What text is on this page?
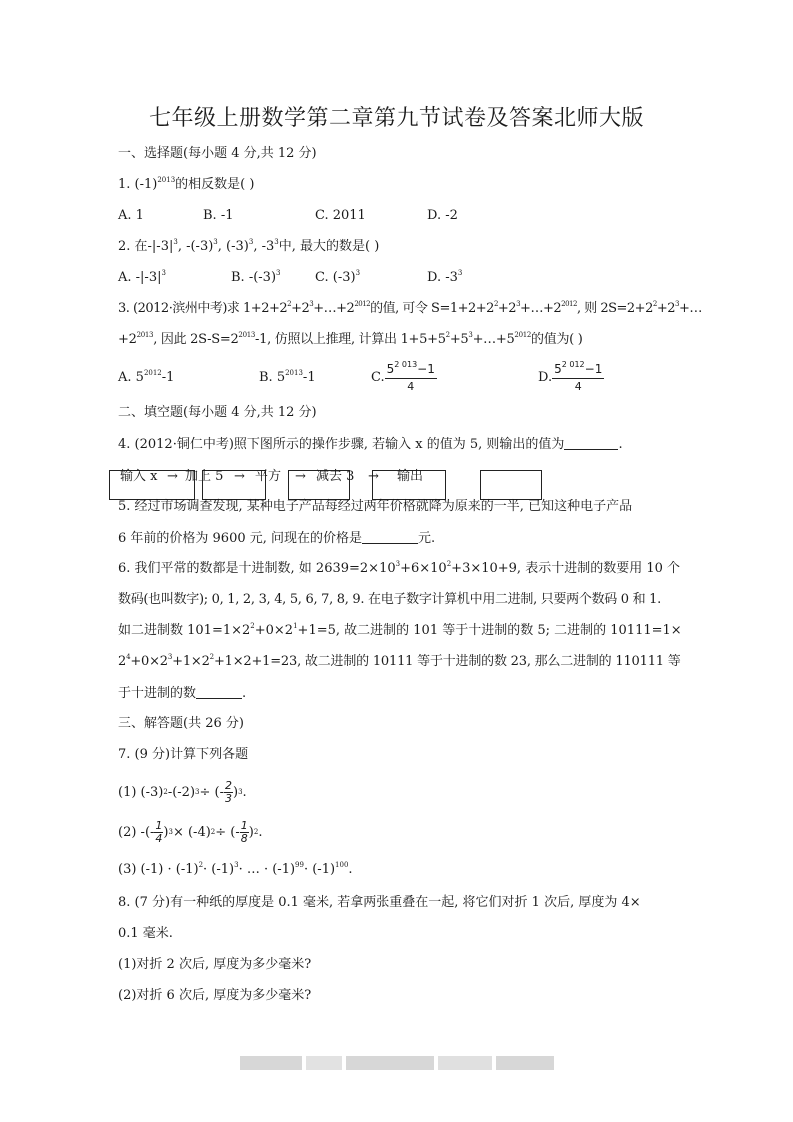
七年级上册数学第二章第九节试卷及答案北师大版
一、选择题(每小题 4 分,共 12 分)
1. $(-1)^{2013}$的相反数是( )
A. 1	B. -1	C. 2011	D. -2
2. 在$-|-3|^3$, $-(-3)^3$, $(-3)^3$, $-3^3$中, 最大的数是( )
A. $-|-3|^3$	B. $-(-3)^3$	C. $(-3)^3$	D. $-3^3$
3. (2012·滨州中考)求 $1+2+2^2+2^3+\dots+2^{2012}$的值, 可令 $S=1+2+2^2+2^3+\dots+2^{2012}$, 则 $2S=2+2^2+2^3+\dots$
$+2^{2013}$, 因此 $2S-S=2^{2013}-1$, 仿照以上推理, 计算出 $1+5+5^2+5^3+\dots+5^{2012}$的值为( )
A. $5^{2012}-1$	B. $5^{2013}-1$	C. $\frac{5^{2 013}-1}{4}$	D. $\frac{5^{2 012}-1}{4}$
二、填空题(每小题 4 分,共 12 分)
4. (2012·铜仁中考)照下图所示的操作步骤, 若输入 x 的值为 5, 则输出的值为	.
输入 x → 加上 5 → 平方 → 减去 3 → 输出
5. 经过市场调查发现, 某种电子产品每经过两年价格就降为原来的一半, 已知这种电子产品
6 年前的价格为 9600 元, 问现在的价格是	元.
6. 我们平常的数都是十进制数, 如 $2639=2\times 10^3+6\times 10^2+3\times 10+9$, 表示十进制的数要用 10 个
数码(也叫数字); 0, 1, 2, 3, 4, 5, 6, 7, 8, 9. 在电子数字计算机中用二进制, 只要两个数码 0 和 1.
如二进制数 $101=1\times 2^2+0\times 2^1+1=5$, 故二进制的 101 等于十进制的数 5; 二进制的 10111=1×
$2^4+0\times 2^3+1\times 2^2+1\times 2+1=23$, 故二进制的 10111 等于十进制的数 23, 那么二进制的 110111 等
于十进制的数	.
三、解答题(共 26 分)
7. (9 分)计算下列各题
(1) $(-3)^2$ $-(-2)^3$ ÷ (- $\frac{2}{3} )^3$ .
(2) -(- $\frac{1}{4} )^3 \times (-4)^2$ ÷ (- $\frac{1}{8} )^2$ .
(3) $(-1) \cdot (-1)^2\cdot (-1)^3\cdot$ … · $(-1)^{99}\cdot (-1)^{100}$.
8. (7 分)有一种纸的厚度是 0.1 毫米, 若拿两张重叠在一起, 将它们对折 1 次后, 厚度为 4×
0.1 毫米.
(1)对折 2 次后, 厚度为多少毫米?
(2)对折 6 次后, 厚度为多少毫米?
